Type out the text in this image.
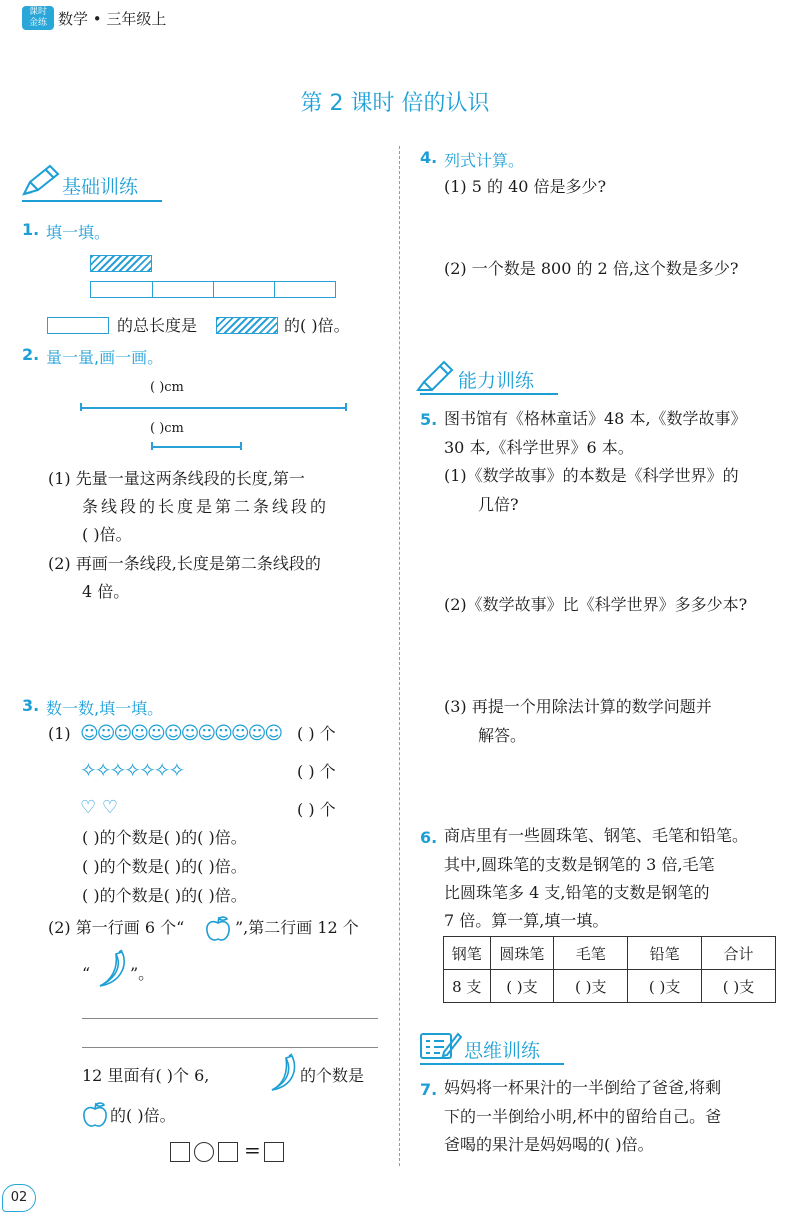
课时
金练 数学 • 三年级上
第 2 课时 倍的认识
基础训练
1. 填一填。
的总长度是	的( )倍。
2. 量一量,画一画。
( )cm
( )cm
(1) 先量一量这两条线段的长度,第一
条线段的长度是第二条线段的
( )倍。
(2) 再画一条线段,长度是第二条线段的
4 倍。
3. 数一数,填一填。
(1) ☺☺☺☺☺☺☺☺☺☺☺☺ ( ) 个
✧✧✧✧✧✧✧	( ) 个
♡ ♡	( ) 个
( )的个数是( )的( )倍。
( )的个数是( )的( )倍。
( )的个数是( )的( )倍。
(2) 第一行画 6 个“	”,第二行画 12 个
“ ”。
12 里面有( )个 6,	的个数是
的( )倍。
=
02
4. 列式计算。
(1) 5 的 40 倍是多少?
(2) 一个数是 800 的 2 倍,这个数是多少?
能力训练
5. 图书馆有《格林童话》48 本,《数学故事》
30 本,《科学世界》6 本。
(1)《数学故事》的本数是《科学世界》的
几倍?
(2)《数学故事》比《科学世界》多多少本?
(3) 再提一个用除法计算的数学问题并
解答。
6. 商店里有一些圆珠笔、钢笔、毛笔和铅笔。
其中,圆珠笔的支数是钢笔的 3 倍,毛笔
比圆珠笔多 4 支,铅笔的支数是钢笔的
7 倍。算一算,填一填。
钢笔	圆珠笔	毛笔	铅笔	合计
8 支	( )支	( )支	( )支	( )支
思维训练
7. 妈妈将一杯果汁的一半倒给了爸爸,将剩
下的一半倒给小明,杯中的留给自己。爸
爸喝的果汁是妈妈喝的( )倍。
